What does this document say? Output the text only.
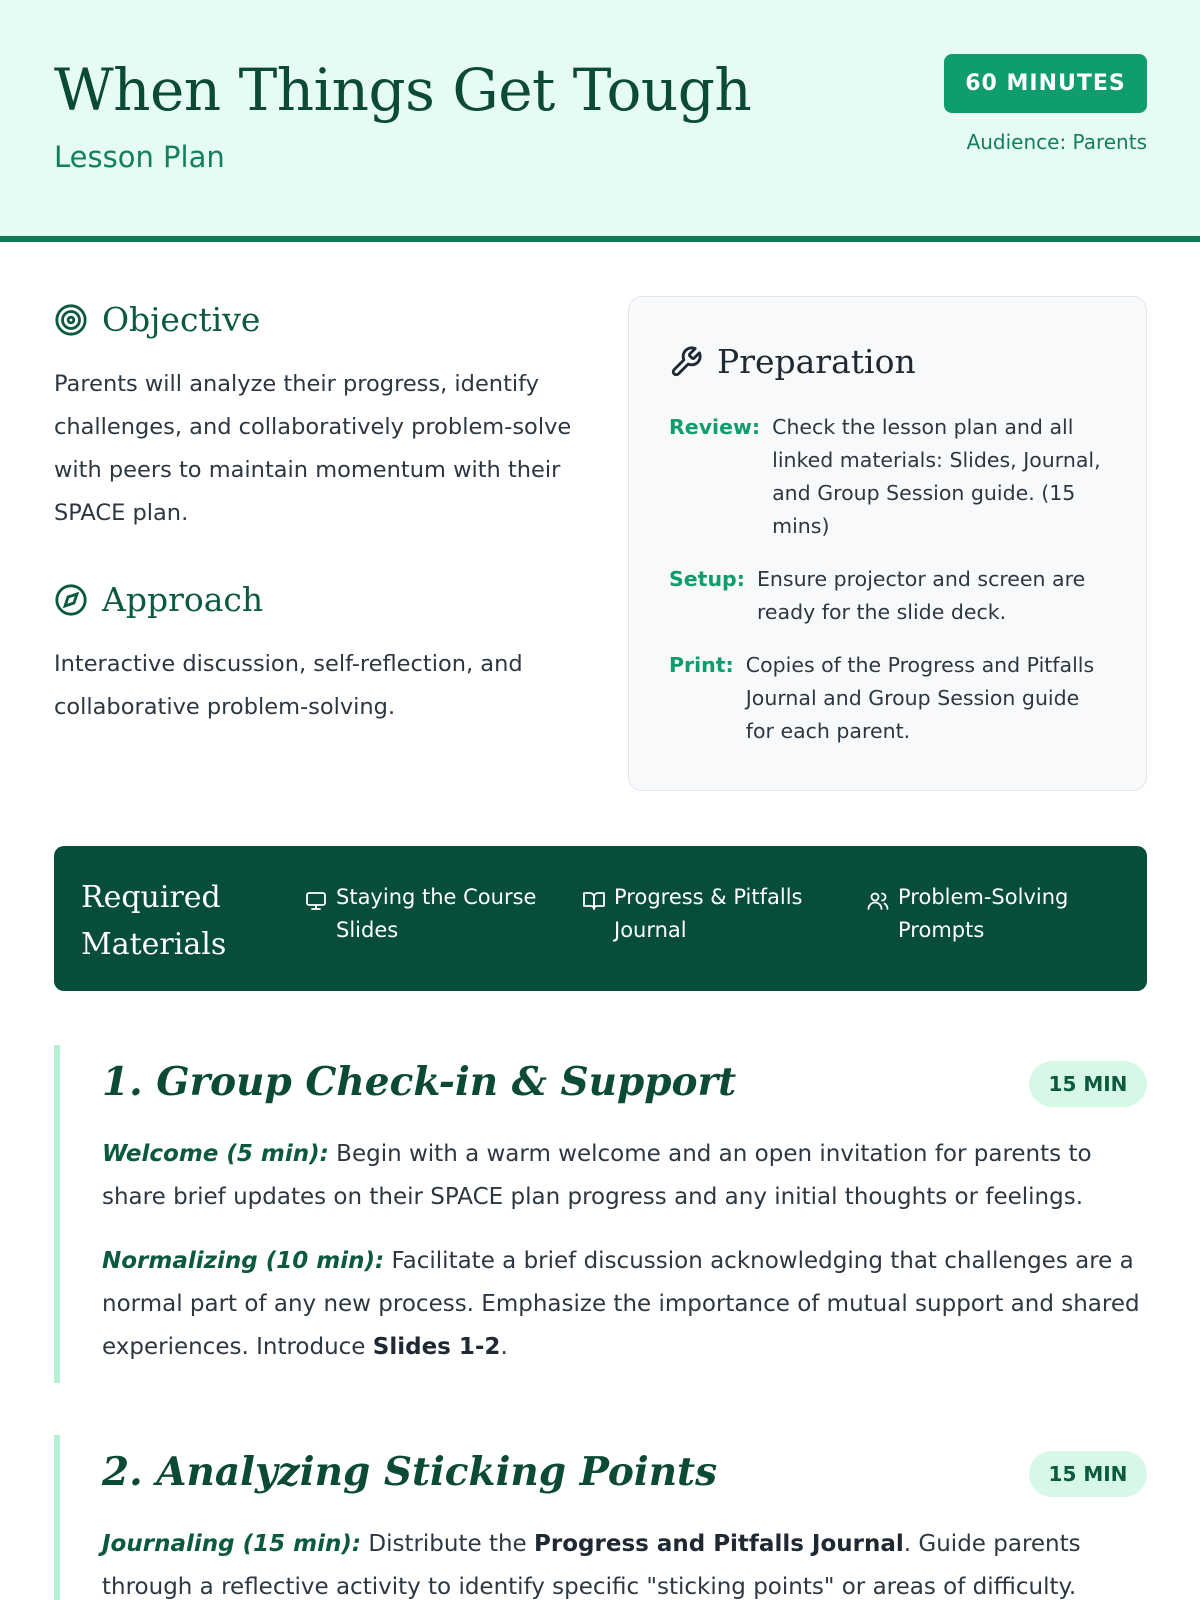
When Things Get Tough
Lesson Plan
60 MINUTES
Audience: Parents
Objective

Parents will analyze their progress, identify challenges, and collaboratively problem-solve with peers to maintain momentum with their SPACE plan.

Approach

Interactive discussion, self-reflection, and collaborative problem-solving.

Preparation
Review: Check the lesson plan and all linked materials: Slides, Journal, and Group Session guide. (15 mins)
Setup: Ensure projector and screen are ready for the slide deck.
Print: Copies of the Progress and Pitfalls Journal and Group Session guide for each parent.
Required Materials
Staying the Course Slides
Progress & Pitfalls Journal
Problem-Solving Prompts
1. Group Check-in & Support	15 MIN

Welcome (5 min): Begin with a warm welcome and an open invitation for parents to share brief updates on their SPACE plan progress and any initial thoughts or feelings.

Normalizing (10 min): Facilitate a brief discussion acknowledging that challenges are a normal part of any new process. Emphasize the importance of mutual support and shared experiences. Introduce Slides 1-2.

2. Analyzing Sticking Points	15 MIN

Journaling (15 min): Distribute the Progress and Pitfalls Journal. Guide parents through a reflective activity to identify specific "sticking points" or areas of difficulty.
